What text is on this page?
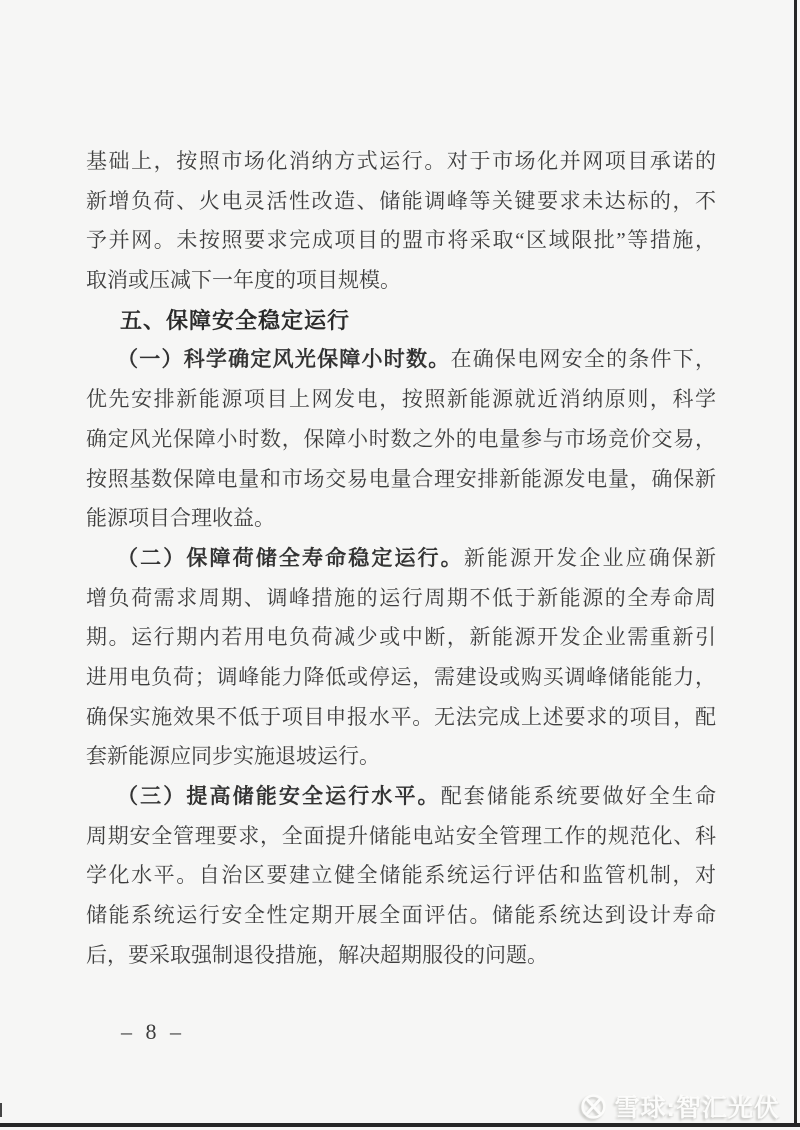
基础上，按照市场化消纳方式运行。对于市场化并网项目承诺的
新增负荷、火电灵活性改造、储能调峰等关键要求未达标的，不
予并网。未按照要求完成项目的盟市将采取“区域限批”等措施，
取消或压减下一年度的项目规模。
五、保障安全稳定运行
（一）科学确定风光保障小时数。在确保电网安全的条件下，
优先安排新能源项目上网发电，按照新能源就近消纳原则，科学
确定风光保障小时数，保障小时数之外的电量参与市场竞价交易，
按照基数保障电量和市场交易电量合理安排新能源发电量，确保新
能源项目合理收益。
（二）保障荷储全寿命稳定运行。新能源开发企业应确保新
增负荷需求周期、调峰措施的运行周期不低于新能源的全寿命周
期。运行期内若用电负荷减少或中断，新能源开发企业需重新引
进用电负荷；调峰能力降低或停运，需建设或购买调峰储能能力，
确保实施效果不低于项目申报水平。无法完成上述要求的项目，配
套新能源应同步实施退坡运行。
（三）提高储能安全运行水平。配套储能系统要做好全生命
周期安全管理要求，全面提升储能电站安全管理工作的规范化、科
学化水平。自治区要建立健全储能系统运行评估和监管机制，对
储能系统运行安全性定期开展全面评估。储能系统达到设计寿命
后，要采取强制退役措施，解决超期服役的问题。
– 8 –
雪球:智汇光伏
